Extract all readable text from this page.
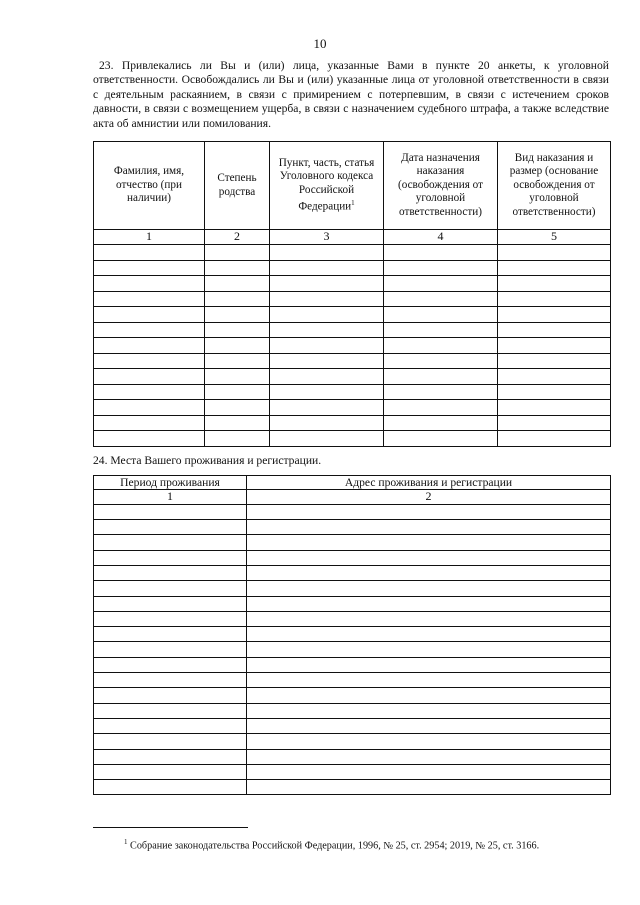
10

23. Привлекались ли Вы и (или) лица, указанные Вами в пункте 20 анкеты, к уголовной ответственности. Освобождались ли Вы и (или) указанные лица от уголовной ответственности в связи с деятельным раскаянием, в связи с примирением с потерпевшим, в связи с истечением сроков давности, в связи с возмещением ущерба, в связи с назначением судебного штрафа, а также вследствие акта об амнистии или помилования.

Фамилия, имя, отчество (при наличии)	Степень родства	Пункт, часть, статья Уголовного кодекса Российской Федерации$^1$	Дата назначения наказания (освобождения от уголовной ответственности)	Вид наказания и размер (основание освобождения от уголовной ответственности)
1	2	3	4	5

24. Места Вашего проживания и регистрации.

Период проживания	Адрес проживания и регистрации
1	2

$^1$ Собрание законодательства Российской Федерации, 1996, № 25, ст. 2954; 2019, № 25, ст. 3166.
